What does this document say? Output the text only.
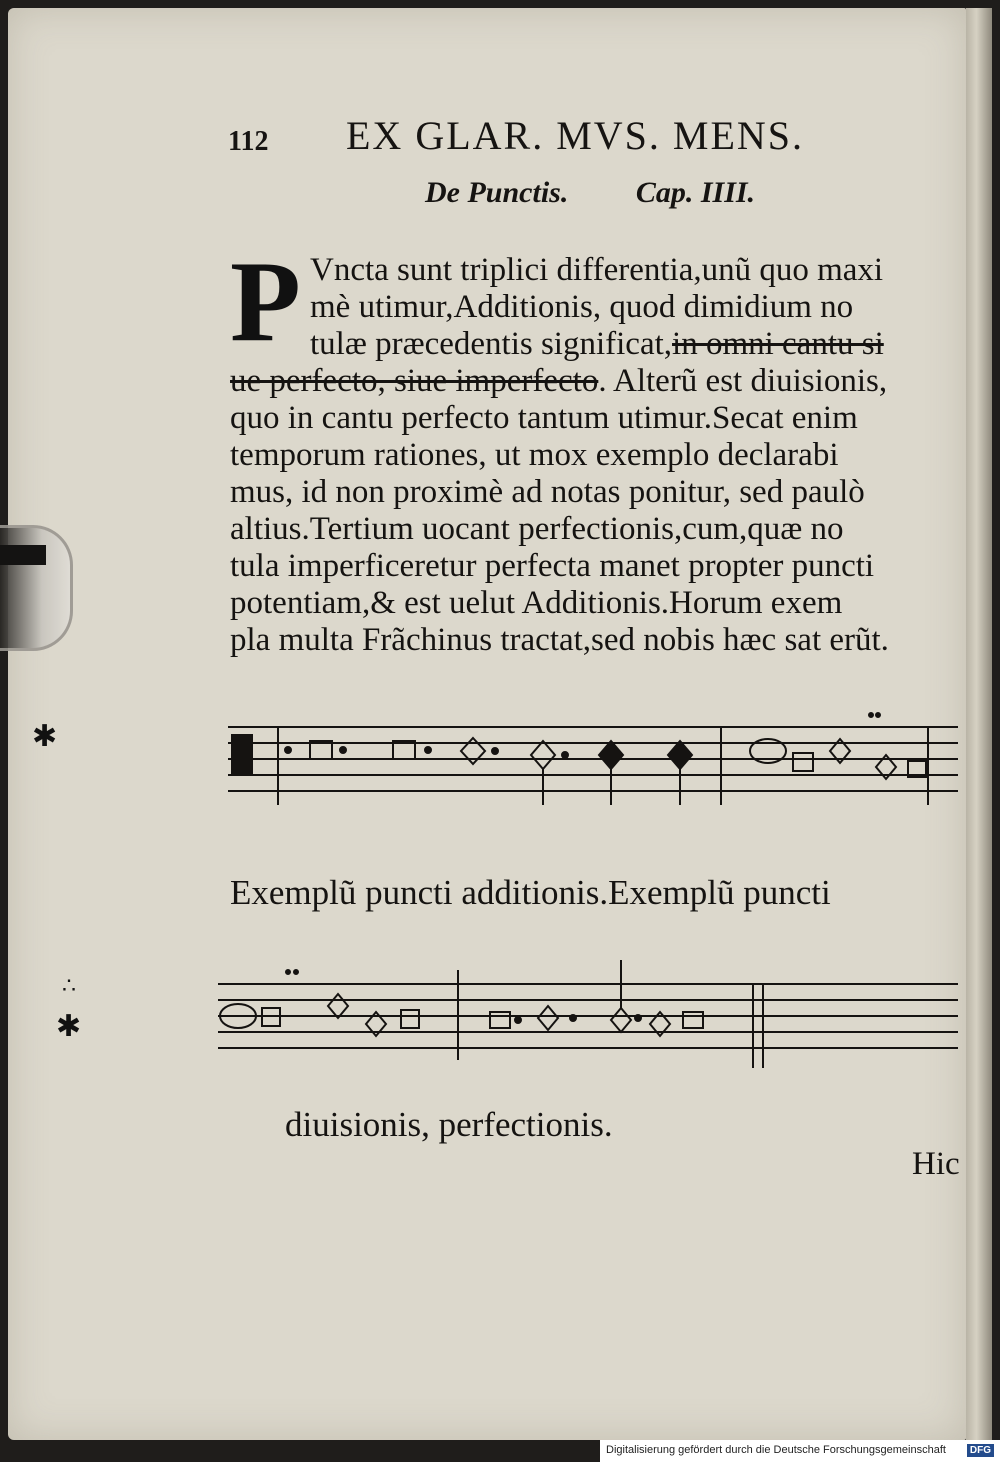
✱
∴
✱
112 EX GLAR. MVS. MENS.
De Punctis. Cap. IIII.
P Vncta sunt triplici differentia,unũ quo maxi
mè utimur,Additionis, quod dimidium no
tulæ præcedentis significat,in omni cantu si
ue perfecto, siue imperfecto. Alterũ est diuisionis,
quo in cantu perfecto tantum utimur.Secat enim
temporum rationes, ut mox exemplo declarabi
mus, id non proximè ad notas ponitur, sed paulò
altius.Tertium uocant perfectionis,cum,quæ no
tula imperficeretur perfecta manet propter puncti
potentiam,& est uelut Additionis.Horum exem
pla multa Frãchinus tractat,sed nobis hæc sat erũt.
Exemplũ puncti additionis.Exemplũ puncti
diuisionis, perfectionis.
Hic
Digitalisierung gefördert durch die Deutsche Forschungsgemeinschaft	DFG
